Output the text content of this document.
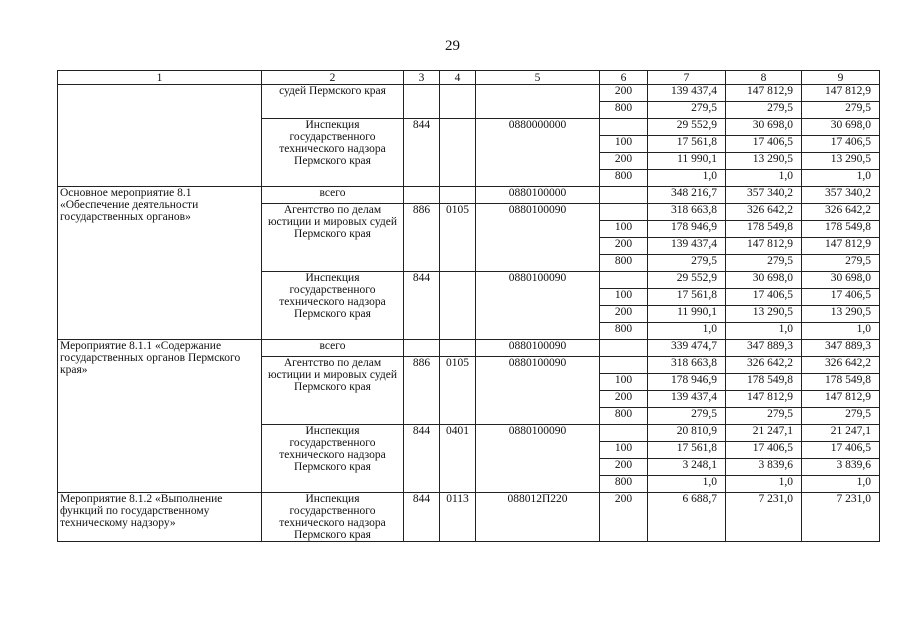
29
1	2	3	4	5	6	7	8	9
	судей Пермского края				200	139 437,4	147 812,9	147 812,9
					800	279,5	279,5	279,5
	Инспекция государственного технического надзора Пермского края	844		0880000000		29 552,9	30 698,0	30 698,0
					100	17 561,8	17 406,5	17 406,5
					200	11 990,1	13 290,5	13 290,5
					800	1,0	1,0	1,0
Основное мероприятие 8.1 «Обеспечение деятельности государственных органов»	всего			0880100000		348 216,7	357 340,2	357 340,2
	Агентство по делам юстиции и мировых судей Пермского края	886	0105	0880100090		318 663,8	326 642,2	326 642,2
					100	178 946,9	178 549,8	178 549,8
					200	139 437,4	147 812,9	147 812,9
					800	279,5	279,5	279,5
	Инспекция государственного технического надзора Пермского края	844		0880100090		29 552,9	30 698,0	30 698,0
					100	17 561,8	17 406,5	17 406,5
					200	11 990,1	13 290,5	13 290,5
					800	1,0	1,0	1,0
Мероприятие 8.1.1 «Содержание государственных органов Пермского края»	всего			0880100090		339 474,7	347 889,3	347 889,3
	Агентство по делам юстиции и мировых судей Пермского края	886	0105	0880100090		318 663,8	326 642,2	326 642,2
					100	178 946,9	178 549,8	178 549,8
					200	139 437,4	147 812,9	147 812,9
					800	279,5	279,5	279,5
	Инспекция государственного технического надзора Пермского края	844	0401	0880100090		20 810,9	21 247,1	21 247,1
					100	17 561,8	17 406,5	17 406,5
					200	3 248,1	3 839,6	3 839,6
					800	1,0	1,0	1,0
Мероприятие 8.1.2 «Выполнение функций по государственному техническому надзору»	Инспекция государственного технического надзора Пермского края	844	0113	088012П220	200	6 688,7	7 231,0	7 231,0
